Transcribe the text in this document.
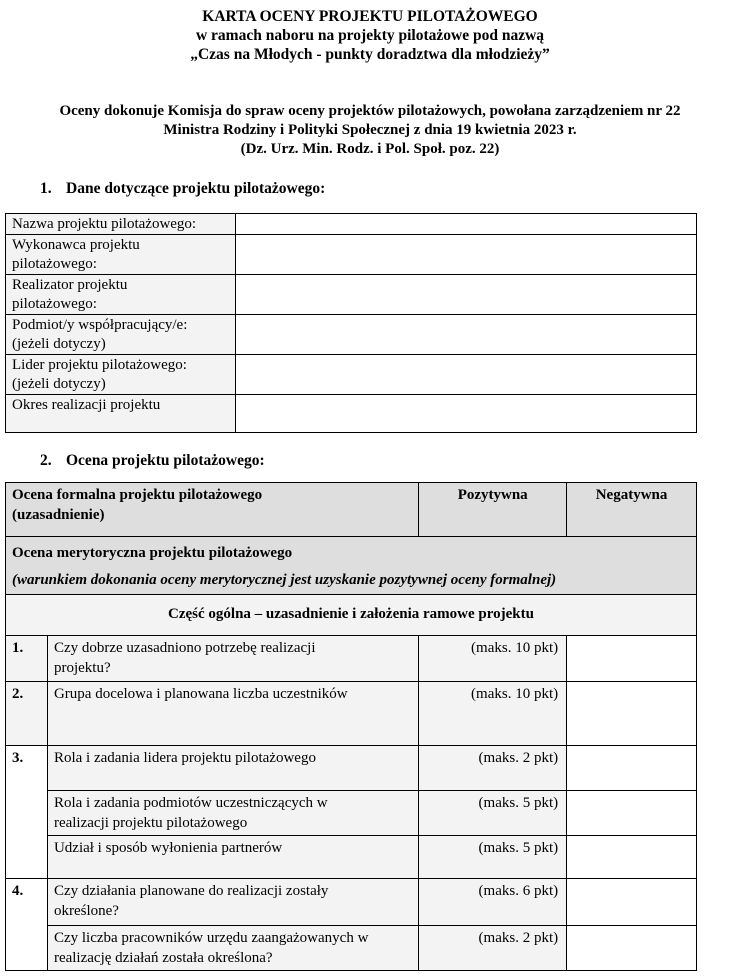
KARTA OCENY PROJEKTU PILOTAŻOWEGO
w ramach naboru na projekty pilotażowe pod nazwą
„Czas na Młodych - punkty doradztwa dla młodzieży”
Oceny dokonuje Komisja do spraw oceny projektów pilotażowych, powołana zarządzeniem nr 22
Ministra Rodziny i Polityki Społecznej z dnia 19 kwietnia 2023 r.
(Dz. Urz. Min. Rodz. i Pol. Społ. poz. 22)
1. Dane dotyczące projektu pilotażowego:
Nazwa projektu pilotażowego:	

Wykonawca projektu
pilotażowego:	

Realizator projektu
pilotażowego:	

Podmiot/y współpracujący/e:
(jeżeli dotyczy)	

Lider projektu pilotażowego:
(jeżeli dotyczy)	

Okres realizacji projektu	
2. Ocena projektu pilotażowego:
Ocena formalna projektu pilotażowego
(uzasadnienie)		Pozytywna	Negatywna

Ocena merytoryczna projektu pilotażowego
(warunkiem dokonania oceny merytorycznej jest uzyskanie pozytywnej oceny formalnej)			

Część ogólna – uzasadnienie i założenia ramowe projektu			
1.	Czy dobrze uzasadniono potrzebę realizacji
projektu?	(maks. 10 pkt)	
2.	Grupa docelowa i planowana liczba uczestników	(maks. 10 pkt)	
3.	Rola i zadania lidera projektu pilotażowego	(maks. 2 pkt)	

	Rola i zadania podmiotów uczestniczących w
realizacji projektu pilotażowego	(maks. 5 pkt)	
	Udział i sposób wyłonienia partnerów	(maks. 5 pkt)	
4.	Czy działania planowane do realizacji zostały
określone?	(maks. 6 pkt)	

	Czy liczba pracowników urzędu zaangażowanych w
realizację działań została określona?	(maks. 2 pkt)	
